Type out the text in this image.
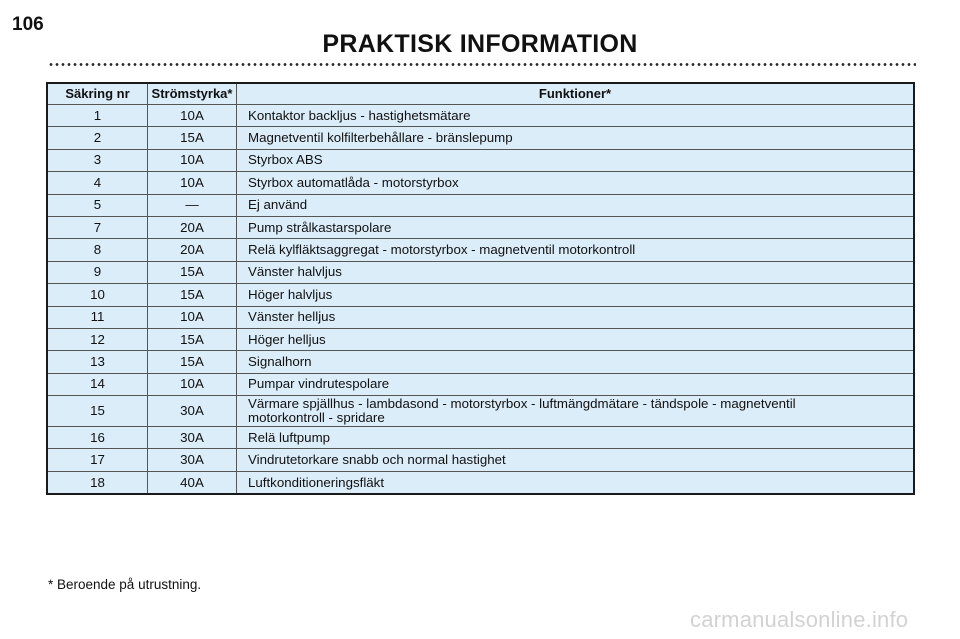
106
PRAKTISK INFORMATION
Säkring nr	Strömstyrka*	Funktioner*
1	10A	Kontaktor backljus - hastighetsmätare

2	15A	Magnetventil kolfilterbehållare - bränslepump

3	10A	Styrbox ABS

4	10A	Styrbox automatlåda - motorstyrbox

5	—	Ej använd

7	20A	Pump strålkastarspolare

8	20A	Relä kylfläktsaggregat - motorstyrbox - magnetventil motorkontroll

9	15A	Vänster halvljus

10	15A	Höger halvljus

11	10A	Vänster helljus

12	15A	Höger helljus

13	15A	Signalhorn

14	10A	Pumpar vindrutespolare

15	30A	Värmare spjällhus - lambdasond - motorstyrbox - luftmängdmätare - tändspole - magnetventil
motorkontroll - spridare

16	30A	Relä luftpump

17	30A	Vindrutetorkare snabb och normal hastighet

18	40A	Luftkonditioneringsfläkt
* Beroende på utrustning.
carmanualsonline.info
